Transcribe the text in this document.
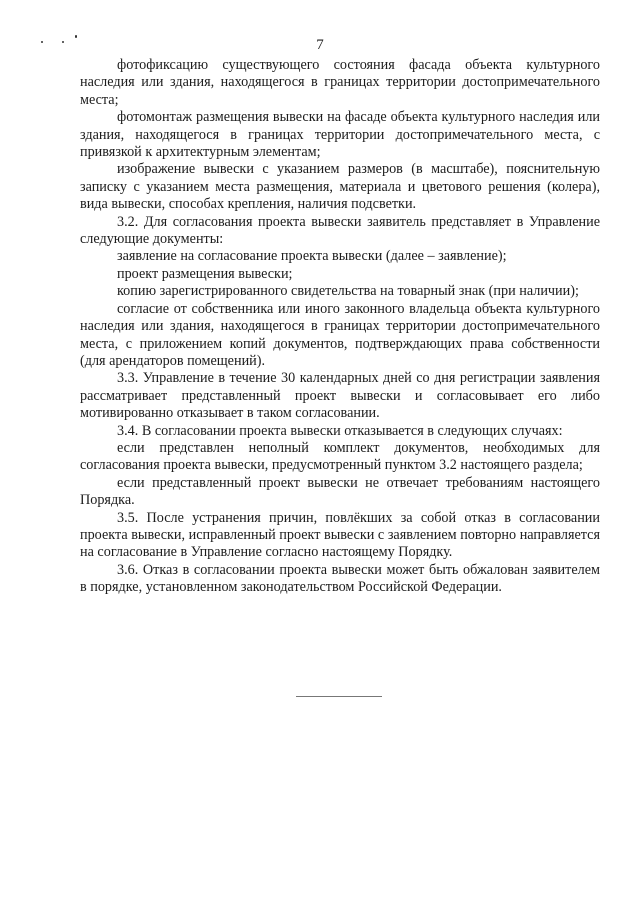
7

фотофиксацию существующего состояния фасада объекта культурного наследия или здания, находящегося в границах территории достопримечательного места;

фотомонтаж размещения вывески на фасаде объекта культурного наследия или здания, находящегося в границах территории достопримечательного места, с привязкой к архитектурным элементам;

изображение вывески с указанием размеров (в масштабе), пояснительную записку с указанием места размещения, материала и цветового решения (колера), вида вывески, способах крепления, наличия подсветки.

3.2. Для согласования проекта вывески заявитель представляет в Управление следующие документы:

заявление на согласование проекта вывески (далее – заявление);

проект размещения вывески;

копию зарегистрированного свидетельства на товарный знак (при наличии);

согласие от собственника или иного законного владельца объекта культурного наследия или здания, находящегося в границах территории достопримечательного места, с приложением копий документов, подтверждающих права собственности (для арендаторов помещений).

3.3. Управление в течение 30 календарных дней со дня регистрации заявления рассматривает представленный проект вывески и согласовывает его либо мотивированно отказывает в таком согласовании.

3.4. В согласовании проекта вывески отказывается в следующих случаях:

если представлен неполный комплект документов, необходимых для согласования проекта вывески, предусмотренный пунктом 3.2 настоящего раздела;

если представленный проект вывески не отвечает требованиям настоящего Порядка.

3.5. После устранения причин, повлёкших за собой отказ в согласовании проекта вывески, исправленный проект вывески с заявлением повторно направляется на согласование в Управление согласно настоящему Порядку.

3.6. Отказ в согласовании проекта вывески может быть обжалован заявителем в порядке, установленном законодательством Российской Федерации.
